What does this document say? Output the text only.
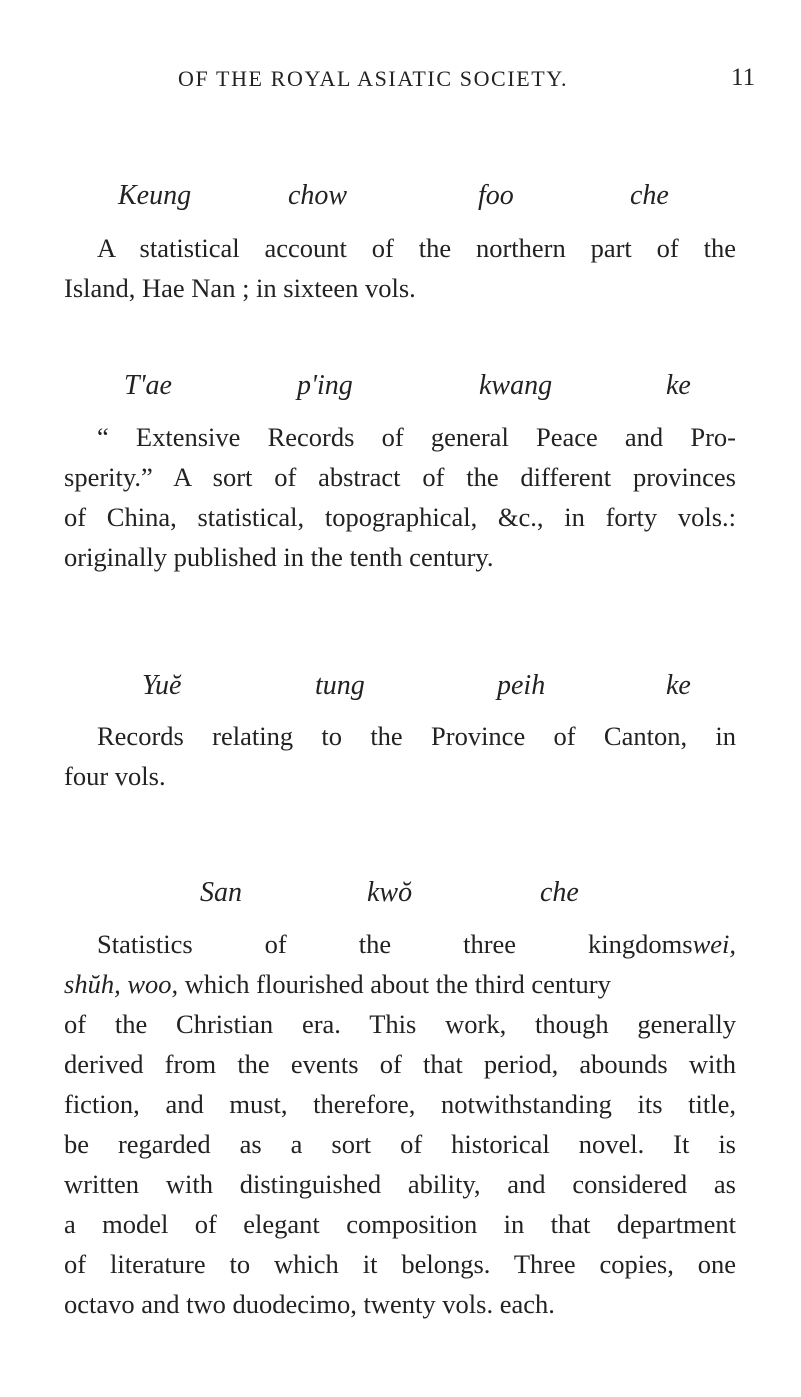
OF THE ROYAL ASIATIC SOCIETY.	11
Keung	chow	foo	che

A statistical account of the northern part of the
Island, Hae Nan ; in sixteen vols.

T'ae	p'ing	kwang	ke

“ Extensive Records of general Peace and Pro-
sperity.” A sort of abstract of the different provinces
of China, statistical, topographical, &c., in forty vols.:
originally published in the tenth century.

Yuĕ	tung	peih	ke

Records relating to the Province of Canton, in
four vols.

San	kwŏ	che

Statistics of the three kingdoms wei,
shŭh, woo, which flourished about the third century
of the Christian era. This work, though generally
derived from the events of that period, abounds with
fiction, and must, therefore, notwithstanding its title,
be regarded as a sort of historical novel. It is
written with distinguished ability, and considered as
a model of elegant composition in that department
of literature to which it belongs. Three copies, one
octavo and two duodecimo, twenty vols. each.
